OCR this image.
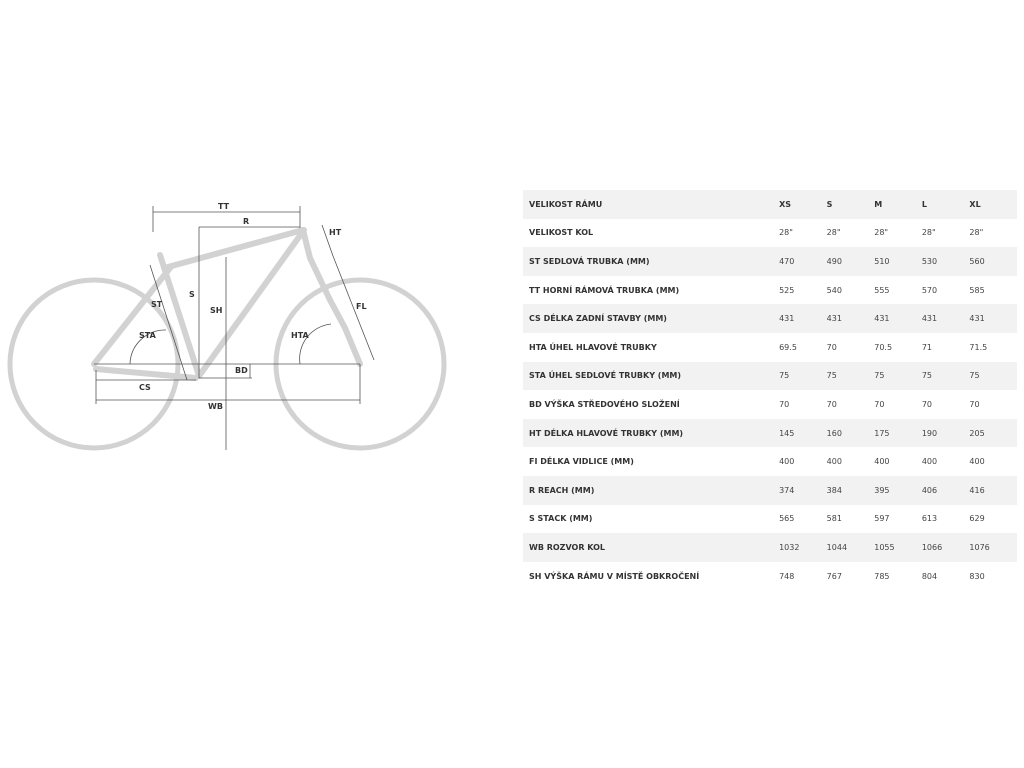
TT
R
HT
S
SH
ST
STA	HTA
FL
BD
CS
WB
VELIKOST RÁMU	XS	S	M	L	XL
VELIKOST KOL	28"	28"	28"	28"	28"
ST SEDLOVÁ TRUBKA (MM)	470	490	510	530	560
TT HORNÍ RÁMOVÁ TRUBKA (MM)	525	540	555	570	585
CS DÉLKA ZADNÍ STAVBY (MM)	431	431	431	431	431
HTA ÚHEL HLAVOVÉ TRUBKY	69.5	70	70.5	71	71.5
STA ÚHEL SEDLOVÉ TRUBKY (MM)	75	75	75	75	75
BD VÝŠKA STŘEDOVÉHO SLOŽENÍ	70	70	70	70	70
HT DÉLKA HLAVOVÉ TRUBKY (MM)	145	160	175	190	205
FI DÉLKA VIDLICE (MM)	400	400	400	400	400
R REACH (MM)	374	384	395	406	416
S STACK (MM)	565	581	597	613	629
WB ROZVOR KOL	1032	1044	1055	1066	1076
SH VÝŠKA RÁMU V MÍSTĚ OBKROČENÍ	748	767	785	804	830
